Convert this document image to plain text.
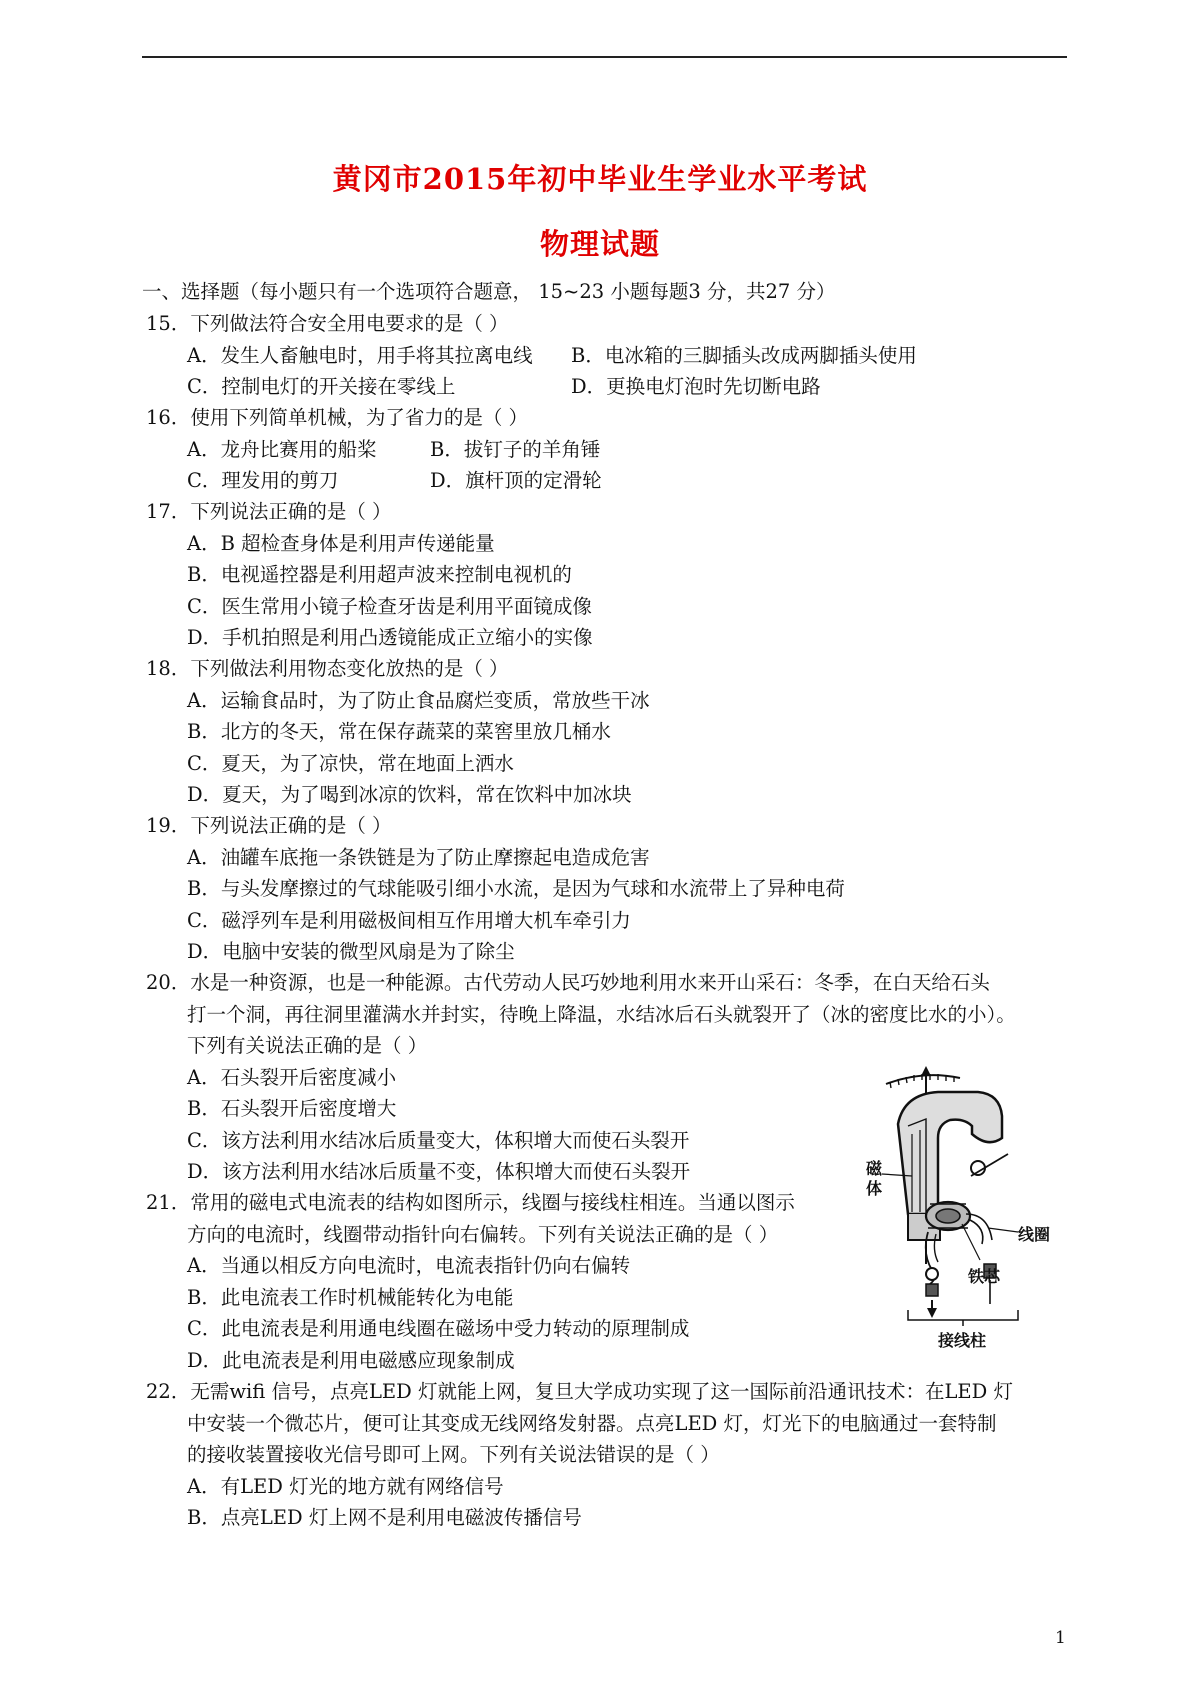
黄冈市2015年初中毕业生学业水平考试
物理试题
一、选择题（每小题只有一个选项符合题意， 15~23 小题每题3 分，共27 分）
15．下列做法符合安全用电要求的是（ ）
A．发生人畜触电时，用手将其拉离电线 B．电冰箱的三脚插头改成两脚插头使用
C．控制电灯的开关接在零线上	D．更换电灯泡时先切断电路
16．使用下列简单机械，为了省力的是（ ）
A．龙舟比赛用的船桨	B．拔钉子的羊角锤
C．理发用的剪刀	D．旗杆顶的定滑轮
17．下列说法正确的是（ ）
A．B 超检查身体是利用声传递能量
B．电视遥控器是利用超声波来控制电视机的
C．医生常用小镜子检查牙齿是利用平面镜成像
D．手机拍照是利用凸透镜能成正立缩小的实像
18．下列做法利用物态变化放热的是（ ）
A．运输食品时，为了防止食品腐烂变质，常放些干冰
B．北方的冬天，常在保存蔬菜的菜窖里放几桶水
C．夏天，为了凉快，常在地面上洒水
D．夏天，为了喝到冰凉的饮料，常在饮料中加冰块
19．下列说法正确的是（ ）
A．油罐车底拖一条铁链是为了防止摩擦起电造成危害
B．与头发摩擦过的气球能吸引细小水流，是因为气球和水流带上了异种电荷
C．磁浮列车是利用磁极间相互作用增大机车牵引力
D．电脑中安装的微型风扇是为了除尘
20．水是一种资源，也是一种能源。古代劳动人民巧妙地利用水来开山采石：冬季，在白天给石头
打一个洞，再往洞里灌满水并封实，待晚上降温，水结冰后石头就裂开了（冰的密度比水的小）。
下列有关说法正确的是（ ）
A．石头裂开后密度减小
B．石头裂开后密度增大
C．该方法利用水结冰后质量变大，体积增大而使石头裂开
D．该方法利用水结冰后质量不变，体积增大而使石头裂开
21．常用的磁电式电流表的结构如图所示，线圈与接线柱相连。当通以图示
方向的电流时，线圈带动指针向右偏转。下列有关说法正确的是（ ）
A．当通以相反方向电流时，电流表指针仍向右偏转
B．此电流表工作时机械能转化为电能
C．此电流表是利用通电线圈在磁场中受力转动的原理制成
D．此电流表是利用电磁感应现象制成
22．无需wifi 信号，点亮LED 灯就能上网，复旦大学成功实现了这一国际前沿通讯技术：在LED 灯
中安装一个微芯片，便可让其变成无线网络发射器。点亮LED 灯，灯光下的电脑通过一套特制
的接收装置接收光信号即可上网。下列有关说法错误的是（ ）
A．有LED 灯光的地方就有网络信号
B．点亮LED 灯上网不是利用电磁波传播信号
磁
体
线圈
铁芯
接线柱
1
